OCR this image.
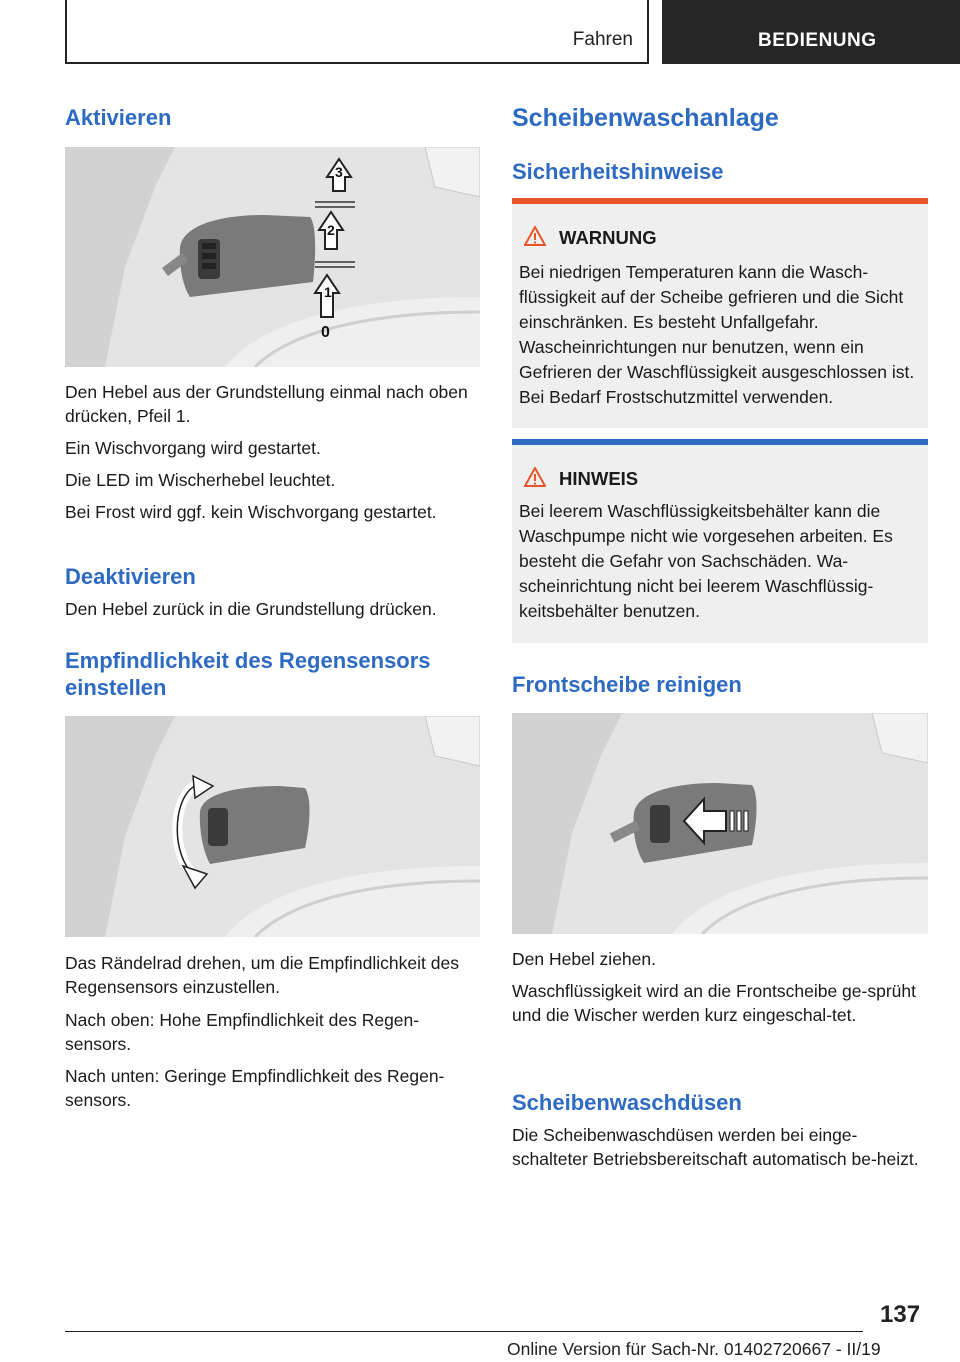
Fahren	BEDIENUNG
Aktivieren
3
2
1
0

Den Hebel aus der Grundstellung einmal nach oben drücken, Pfeil 1.

Ein Wischvorgang wird gestartet.

Die LED im Wischerhebel leuchtet.

Bei Frost wird ggf. kein Wischvorgang gestartet.

Deaktivieren

Den Hebel zurück in die Grundstellung drücken.

Empfindlichkeit des Regensensors einstellen

Das Rändelrad drehen, um die Empfindlichkeit des Regensensors einzustellen.

Nach oben: Hohe Empfindlichkeit des Regen-sensors.

Nach unten: Geringe Empfindlichkeit des Regen-sensors.

Scheibenwaschanlage
Sicherheitshinweise
WARNUNG
Bei niedrigen Temperaturen kann die Wasch-flüssigkeit auf der Scheibe gefrieren und die Sicht einschränken. Es besteht Unfallgefahr. Wascheinrichtungen nur benutzen, wenn ein Gefrieren der Waschflüssigkeit ausgeschlossen ist. Bei Bedarf Frostschutzmittel verwenden.
HINWEIS
Bei leerem Waschflüssigkeitsbehälter kann die Waschpumpe nicht wie vorgesehen arbeiten. Es besteht die Gefahr von Sachschäden. Wa-scheinrichtung nicht bei leerem Waschflüssig-keitsbehälter benutzen.
Frontscheibe reinigen

Den Hebel ziehen.

Waschflüssigkeit wird an die Frontscheibe ge-sprüht und die Wischer werden kurz eingeschal-tet.

Scheibenwaschdüsen

Die Scheibenwaschdüsen werden bei einge-schalteter Betriebsbereitschaft automatisch be-heizt.

137
Online Version für Sach-Nr. 01402720667 - II/19
